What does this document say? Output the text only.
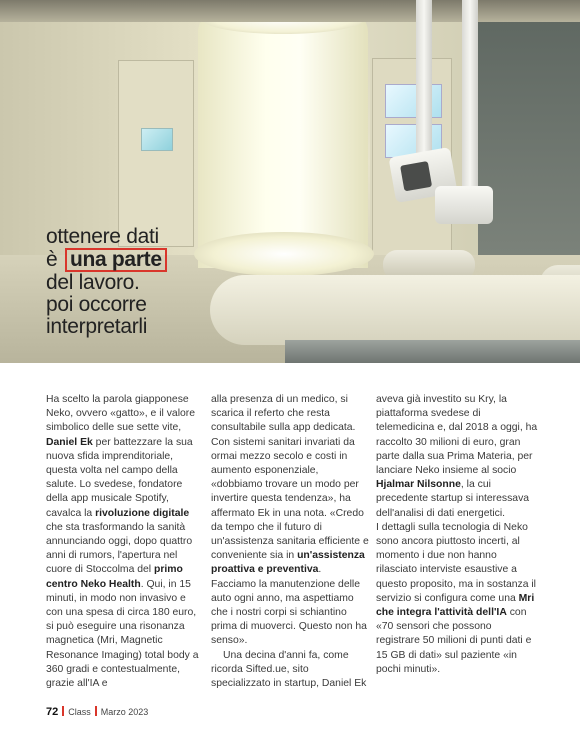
ottenere dati
è una parte
del lavoro.
poi occorre
interpretarli

Ha scelto la parola giapponese Neko, ovvero «gatto», e il valore simbolico delle sue sette vite, Daniel Ek per battezzare la sua nuova sfida imprenditoriale, questa volta nel campo della salute. Lo svedese, fondatore della app musicale Spotify, cavalca la rivoluzione digitale che sta trasformando la sanità annunciando oggi, dopo quattro anni di rumors, l'apertura nel cuore di Stoccolma del primo centro Neko Health. Qui, in 15 minuti, in modo non invasivo e con una spesa di circa 180 euro, si può eseguire una risonanza magnetica (Mri, Magnetic Resonance Imaging) total body a 360 gradi e contestualmente, grazie all'IA e

alla presenza di un medico, si scarica il referto che resta consultabile sulla app dedicata. Con sistemi sanitari invariati da ormai mezzo secolo e costi in aumento esponenziale, «dobbiamo trovare un modo per invertire questa tendenza», ha affermato Ek in una nota. «Credo da tempo che il futuro di un'assistenza sanitaria efficiente e conveniente sia in un'assistenza proattiva e preventiva. Facciamo la manutenzione delle auto ogni anno, ma aspettiamo che i nostri corpi si schiantino prima di muoverci. Questo non ha senso».

Una decina d'anni fa, come ricorda Sifted.ue, sito specializzato in startup, Daniel Ek

aveva già investito su Kry, la piattaforma svedese di telemedicina e, dal 2018 a oggi, ha raccolto 30 milioni di euro, gran parte dalla sua Prima Materia, per lanciare Neko insieme al socio Hjalmar Nilsonne, la cui precedente startup si interessava dell'analisi di dati energetici.

I dettagli sulla tecnologia di Neko sono ancora piuttosto incerti, al momento i due non hanno rilasciato interviste esaustive a questo proposito, ma in sostanza il servizio si configura come una Mri che integra l'attività dell'IA con «70 sensori che possono registrare 50 milioni di punti dati e 15 GB di dati» sul paziente «in pochi minuti».

72 Class Marzo 2023
